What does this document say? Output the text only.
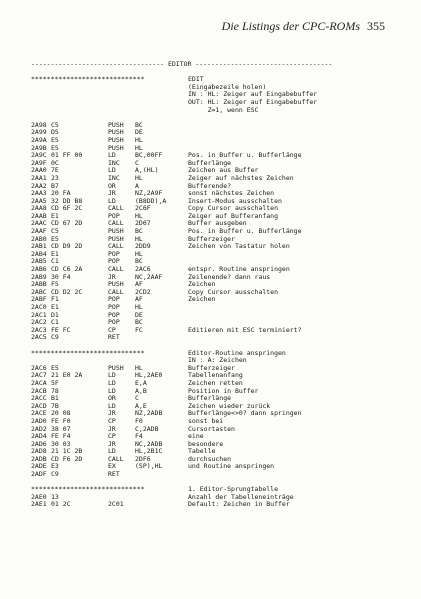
Die Listings der CPC-ROMs 355
---------------------------------- EDITOR -----------------------------------
*****************************	EDIT
(Eingabezeile holen)
IN : HL: Zeiger auf Eingabebuffer
OUT: HL: Zeiger auf Eingabebuffer
Z=1, wenn ESC
2A98 C5	PUSH BC
2A99 D5	PUSH DE
2A9A E5	PUSH HL
2A9B E5	PUSH HL
2A9C 01 FF 00	LD	BC,00FF	Pos. in Buffer u. Bufferlänge
2A9F 0C	INC C	Bufferlänge
2AA0 7E	LD	A,(HL)	Zeichen aus Buffer
2AA1 23	INC HL	Zeiger auf nächstes Zeichen
2AA2 B7	OR	A	Bufferende?
2AA3 20 FA	JR	NZ,2A9F	sonst nächstes Zeichen
2AA5 32 DD B8	LD	(B8DD),A	Insert-Modus ausschalten
2AA8 CD 6F 2C	CALL 2C6F	Copy Cursor ausschalten
2AAB E1	POP HL	Zeiger auf Bufferanfang
2AAC CD 67 2D	CALL 2D67	Buffer ausgeben
2AAF C5	PUSH BC	Pos. in Buffer u. Bufferlänge
2AB0 E5	PUSH HL	Bufferzeiger
2AB1 CD D9 2D	CALL 2DD9	Zeichen von Tastatur holen
2AB4 E1	POP HL
2AB5 C1	POP BC
2AB6 CD C6 2A	CALL 2AC6	entspr. Routine anspringen
2AB9 30 F4	JR	NC,2AAF	Zeilenende? dann raus
2ABB F5	PUSH AF	Zeichen
2ABC CD D2 2C	CALL 2CD2	Copy Cursor ausschalten
2ABF F1	POP AF	Zeichen
2AC0 E1	POP HL
2AC1 D1	POP DE
2AC2 C1	POP BC
2AC3 FE FC	CP	FC	Editieren mit ESC terminiert?
2AC5 C9	RET
*****************************	Editor-Routine anspringen
IN : A: Zeichen
2AC6 E5	PUSH HL	Bufferzeiger
2AC7 21 E0 2A	LD	HL,2AE0	Tabellenanfang
2ACA 5F	LD	E,A	Zeichen retten
2ACB 78	LD	A,B	Position in Buffer
2ACC B1	OR	C	Bufferlänge
2ACD 7B	LD	A,E	Zeichen wieder zurück
2ACE 20 08	JR	NZ,2ADB	Bufferlänge<>0? dann springen
2AD0 FE F0	CP	F0	sonst bei
2AD2 38 07	JR	C,2ADB	Cursortasten
2AD4 FE F4	CP	F4	eine
2AD6 30 03	JR	NC,2ADB	besondere
2AD8 21 1C 2B	LD	HL,2B1C	Tabelle
2ADB CD F6 2D	CALL 2DF6	durchsuchen
2ADE E3	EX	(SP),HL	und Routine anspringen
2ADF C9	RET
*****************************	1. Editor-Sprungtabelle
2AE0 13	Anzahl der Tabelleneinträge
2AE1 01 2C	2C01	Default: Zeichen in Buffer
